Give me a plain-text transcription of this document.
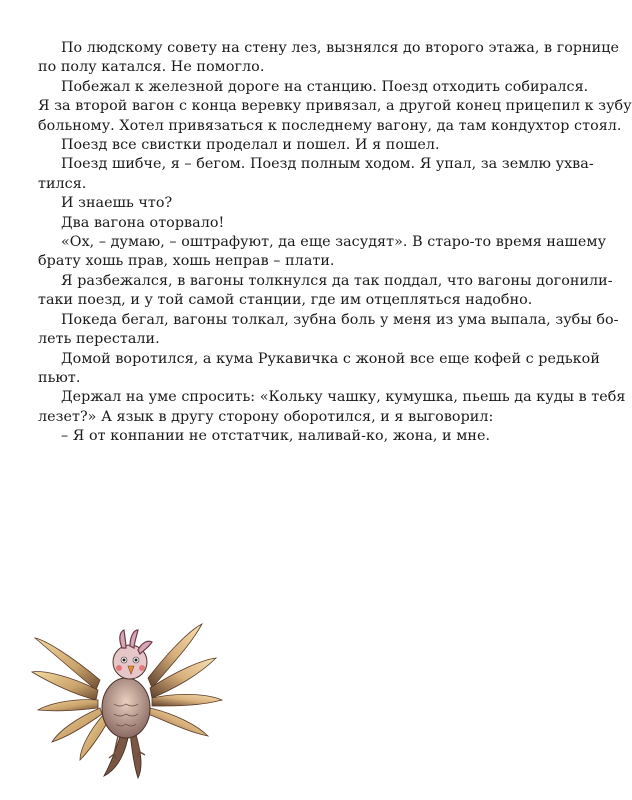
По людскому совету на стену лез, вызнялся до второго этажа, в горнице
по полу катался. Не помогло.
Побежал к железной дороге на станцию. Поезд отходить собирался.
Я за второй вагон с конца веревку привязал, а другой конец прицепил к зубу
больному. Хотел привязаться к последнему вагону, да там кондухтор стоял.
Поезд все свистки проделал и пошел. И я пошел.
Поезд шибче, я – бегом. Поезд полным ходом. Я упал, за землю ухва-
тился.
И знаешь что?
Два вагона оторвало!
«Ох, – думаю, – оштрафуют, да еще засудят». В старо-то время нашему
брату хошь прав, хошь неправ – плати.
Я разбежался, в вагоны толкнулся да так поддал, что вагоны догонили-
таки поезд, и у той самой станции, где им отцепляться надобно.
Покеда бегал, вагоны толкал, зубна боль у меня из ума выпала, зубы бо-
леть перестали.
Домой воротился, а кума Рукавичка с жоной все еще кофей с редькой
пьют.
Держал на уме спросить: «Кольку чашку, кумушка, пьешь да куды в тебя
лезет?» А язык в другу сторону оборотился, и я выговорил:
– Я от конпании не отстатчик, наливай-ко, жона, и мне.
